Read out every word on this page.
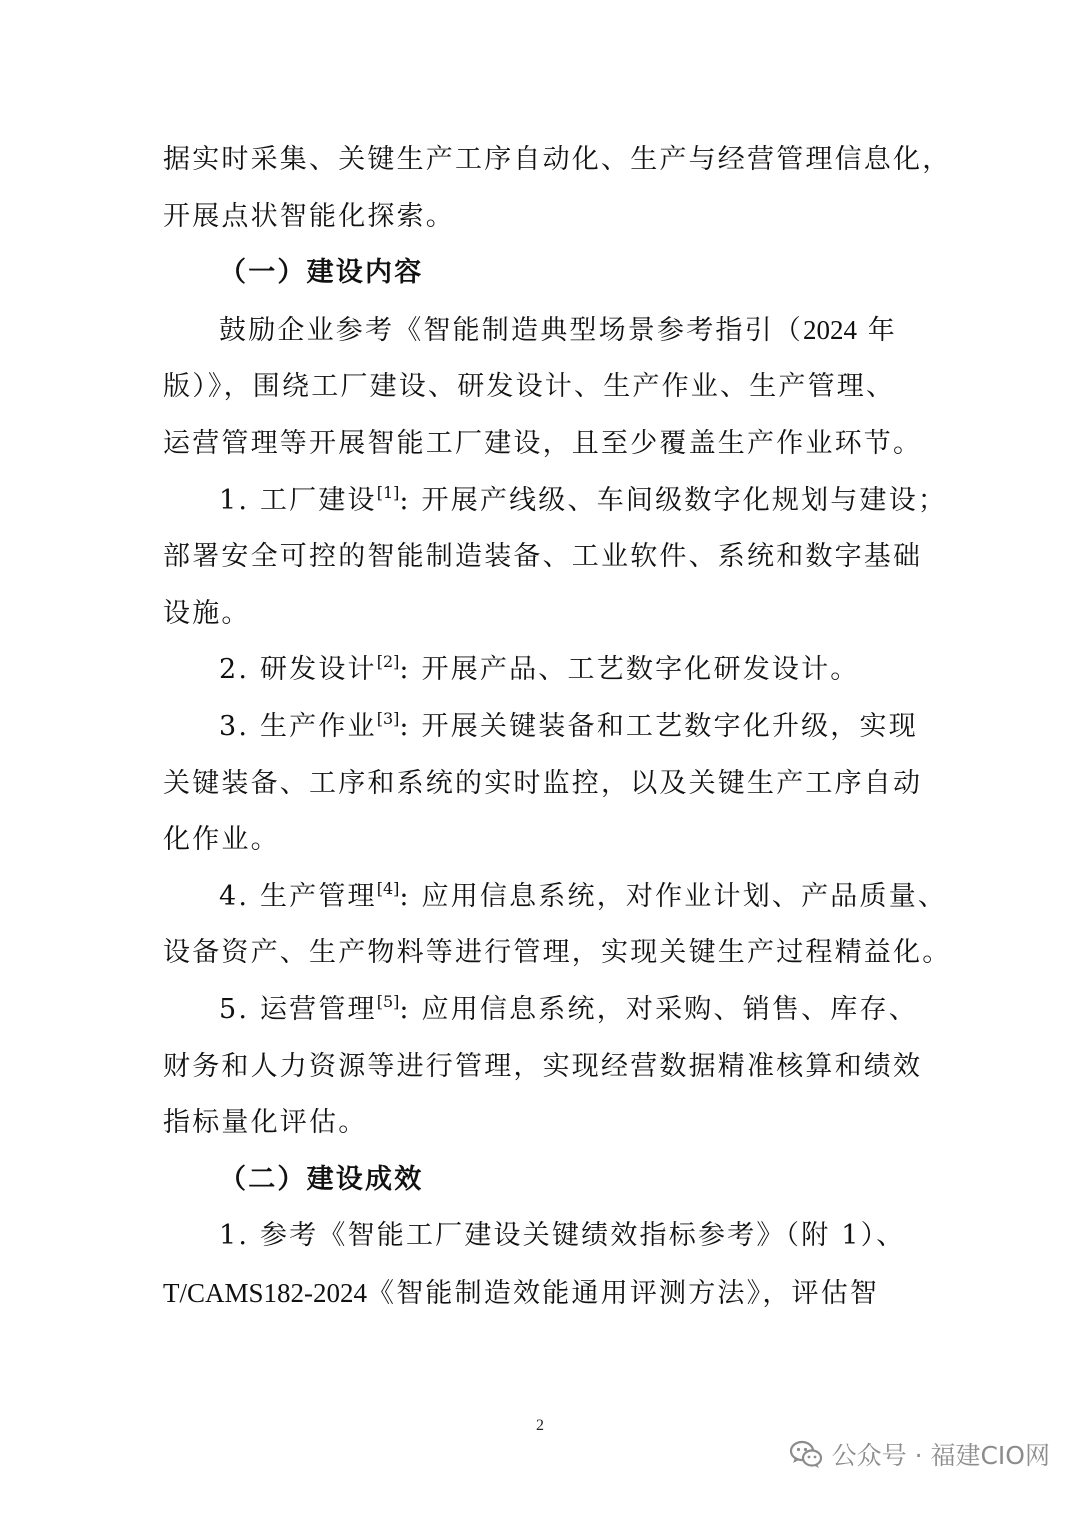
据实时采集、关键生产工序自动化、生产与经营管理信息化，
开展点状智能化探索。
（一）建设内容
鼓励企业参考《智能制造典型场景参考指引（2024 年
版）》，围绕工厂建设、研发设计、生产作业、生产管理、
运营管理等开展智能工厂建设，且至少覆盖生产作业环节。
1. 工厂建设[1]: 开展产线级、车间级数字化规划与建设；
部署安全可控的智能制造装备、工业软件、系统和数字基础
设施。
2. 研发设计[2]: 开展产品、工艺数字化研发设计。
3. 生产作业[3]: 开展关键装备和工艺数字化升级，实现
关键装备、工序和系统的实时监控，以及关键生产工序自动
化作业。
4. 生产管理[4]: 应用信息系统，对作业计划、产品质量、
设备资产、生产物料等进行管理，实现关键生产过程精益化。
5. 运营管理[5]: 应用信息系统，对采购、销售、库存、
财务和人力资源等进行管理，实现经营数据精准核算和绩效
指标量化评估。
（二）建设成效
1. 参考《智能工厂建设关键绩效指标参考》（附 1）、
T/CAMS182-2024《智能制造效能通用评测方法》，评估智
2
公众号 · 福建CIO网
